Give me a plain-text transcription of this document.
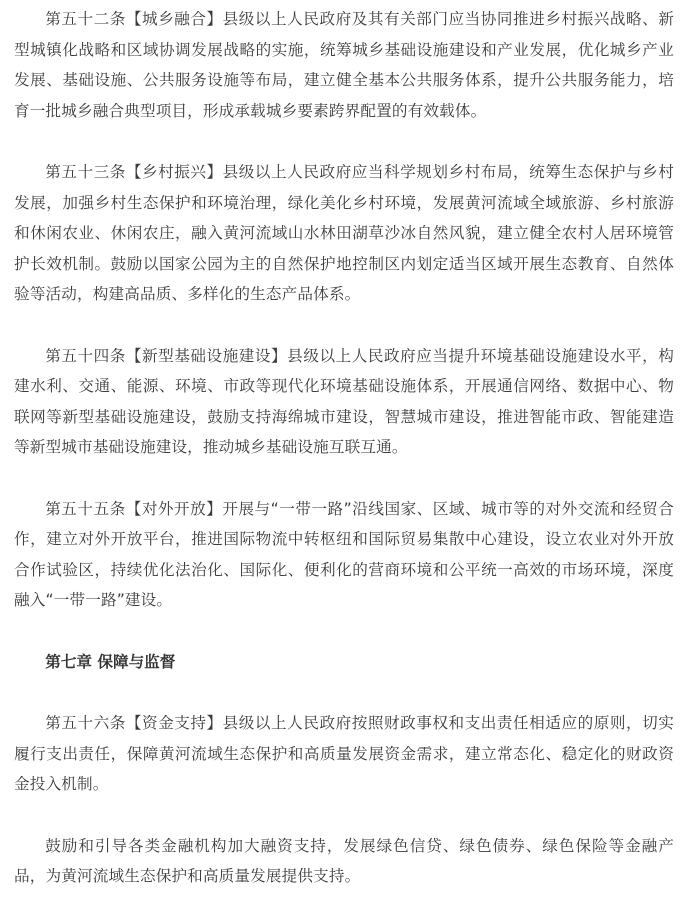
第五十二条【城乡融合】县级以上人民政府及其有关部门应当协同推进乡村振兴战略、新型城镇化战略和区域协调发展战略的实施，统筹城乡基础设施建设和产业发展，优化城乡产业发展、基础设施、公共服务设施等布局，建立健全基本公共服务体系，提升公共服务能力，培育一批城乡融合典型项目，形成承载城乡要素跨界配置的有效载体。

第五十三条【乡村振兴】县级以上人民政府应当科学规划乡村布局，统筹生态保护与乡村发展，加强乡村生态保护和环境治理，绿化美化乡村环境，发展黄河流域全域旅游、乡村旅游和休闲农业、休闲农庄，融入黄河流域山水林田湖草沙冰自然风貌，建立健全农村人居环境管护长效机制。鼓励以国家公园为主的自然保护地控制区内划定适当区域开展生态教育、自然体验等活动，构建高品质、多样化的生态产品体系。

第五十四条【新型基础设施建设】县级以上人民政府应当提升环境基础设施建设水平，构建水利、交通、能源、环境、市政等现代化环境基础设施体系，开展通信网络、数据中心、物联网等新型基础设施建设，鼓励支持海绵城市建设，智慧城市建设，推进智能市政、智能建造等新型城市基础设施建设，推动城乡基础设施互联互通。

第五十五条【对外开放】开展与“一带一路”沿线国家、区域、城市等的对外交流和经贸合作，建立对外开放平台，推进国际物流中转枢纽和国际贸易集散中心建设，设立农业对外开放合作试验区，持续优化法治化、国际化、便利化的营商环境和公平统一高效的市场环境，深度融入“一带一路”建设。

第七章 保障与监督

第五十六条【资金支持】县级以上人民政府按照财政事权和支出责任相适应的原则，切实履行支出责任，保障黄河流域生态保护和高质量发展资金需求，建立常态化、稳定化的财政资金投入机制。

鼓励和引导各类金融机构加大融资支持，发展绿色信贷、绿色债券、绿色保险等金融产品，为黄河流域生态保护和高质量发展提供支持。
